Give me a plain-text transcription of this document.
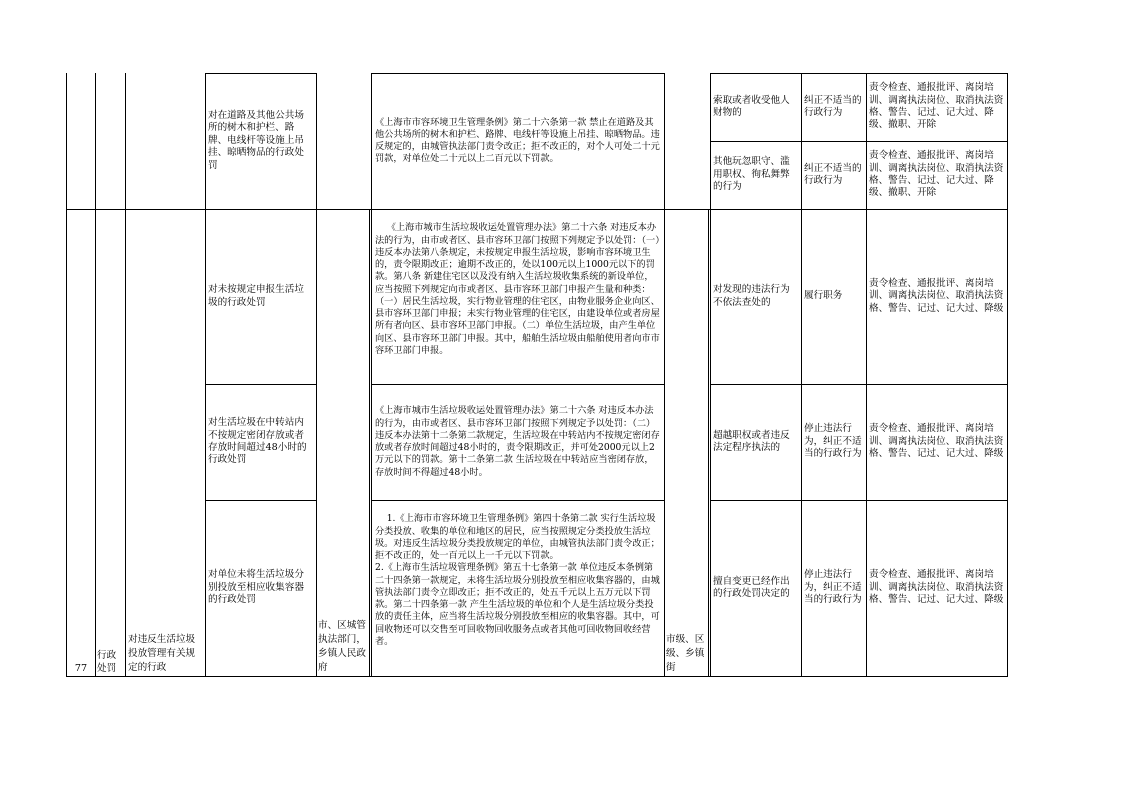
对在道路及其他公共场所的树木和护栏、路牌、电线杆等设施上吊挂、晾晒物品的行政处罚
《上海市市容环境卫生管理条例》第二十六条第一款 禁止在道路及其他公共场所的树木和护栏、路牌、电线杆等设施上吊挂、晾晒物品。违反规定的，由城管执法部门责令改正；拒不改正的，对个人可处二十元罚款，对单位处二十元以上二百元以下罚款。
索取或者收受他人财物的
纠正不适当的行政行为
责令检查、通报批评、离岗培训、调离执法岗位、取消执法资格、警告、记过、记大过、降级、撤职、开除
其他玩忽职守、滥用职权、徇私舞弊的行为
纠正不适当的行政行为
责令检查、通报批评、离岗培训、调离执法岗位、取消执法资格、警告、记过、记大过、降级、撤职、开除
77
行政处罚
对违反生活垃圾投放管理有关规定的行政
市、区城管执法部门，乡镇人民政府
市级、区级、乡镇街
对未按规定申报生活垃圾的行政处罚

《上海市城市生活垃圾收运处置管理办法》第二十六条 对违反本办法的行为，由市或者区、县市容环卫部门按照下列规定予以处罚：（一）违反本办法第八条规定，未按规定申报生活垃圾，影响市容环境卫生的，责令限期改正；逾期不改正的，处以100元以上1000元以下的罚款。第八条 新建住宅区以及没有纳入生活垃圾收集系统的新设单位，应当按照下列规定向市或者区、县市容环卫部门申报产生量和种类：（一）居民生活垃圾，实行物业管理的住宅区，由物业服务企业向区、县市容环卫部门申报；未实行物业管理的住宅区，由建设单位或者房屋所有者向区、县市容环卫部门申报。（二）单位生活垃圾，由产生单位向区、县市容环卫部门申报。其中，船舶生活垃圾由船舶使用者向市市容环卫部门申报。

对发现的违法行为不依法查处的
履行职务
责令检查、通报批评、离岗培训、调离执法岗位、取消执法资格、警告、记过、记大过、降级
对生活垃圾在中转站内不按规定密闭存放或者存放时间超过48小时的行政处罚
《上海市城市生活垃圾收运处置管理办法》第二十六条 对违反本办法的行为，由市或者区、县市容环卫部门按照下列规定予以处罚：（二）违反本办法第十二条第二款规定，生活垃圾在中转站内不按规定密闭存放或者存放时间超过48小时的，责令限期改正，并可处2000元以上2万元以下的罚款。第十二条第二款 生活垃圾在中转站应当密闭存放，存放时间不得超过48小时。
超越职权或者违反法定程序执法的
停止违法行为，纠正不适当的行政行为
责令检查、通报批评、离岗培训、调离执法岗位、取消执法资格、警告、记过、记大过、降级
对单位未将生活垃圾分别投放至相应收集容器的行政处罚

1.《上海市市容环境卫生管理条例》第四十条第二款 实行生活垃圾分类投放、收集的单位和地区的居民，应当按照规定分类投放生活垃圾。对违反生活垃圾分类投放规定的单位，由城管执法部门责令改正；拒不改正的，处一百元以上一千元以下罚款。
2.《上海市生活垃圾管理条例》第五十七条第一款 单位违反本条例第二十四条第一款规定，未将生活垃圾分别投放至相应收集容器的，由城管执法部门责令立即改正；拒不改正的，处五千元以上五万元以下罚款。第二十四条第一款 产生生活垃圾的单位和个人是生活垃圾分类投放的责任主体，应当将生活垃圾分别投放至相应的收集容器。其中，可回收物还可以交售至可回收物回收服务点或者其他可回收物回收经营者。

擅自变更已经作出的行政处罚决定的
停止违法行为，纠正不适当的行政行为
责令检查、通报批评、离岗培训、调离执法岗位、取消执法资格、警告、记过、记大过、降级
